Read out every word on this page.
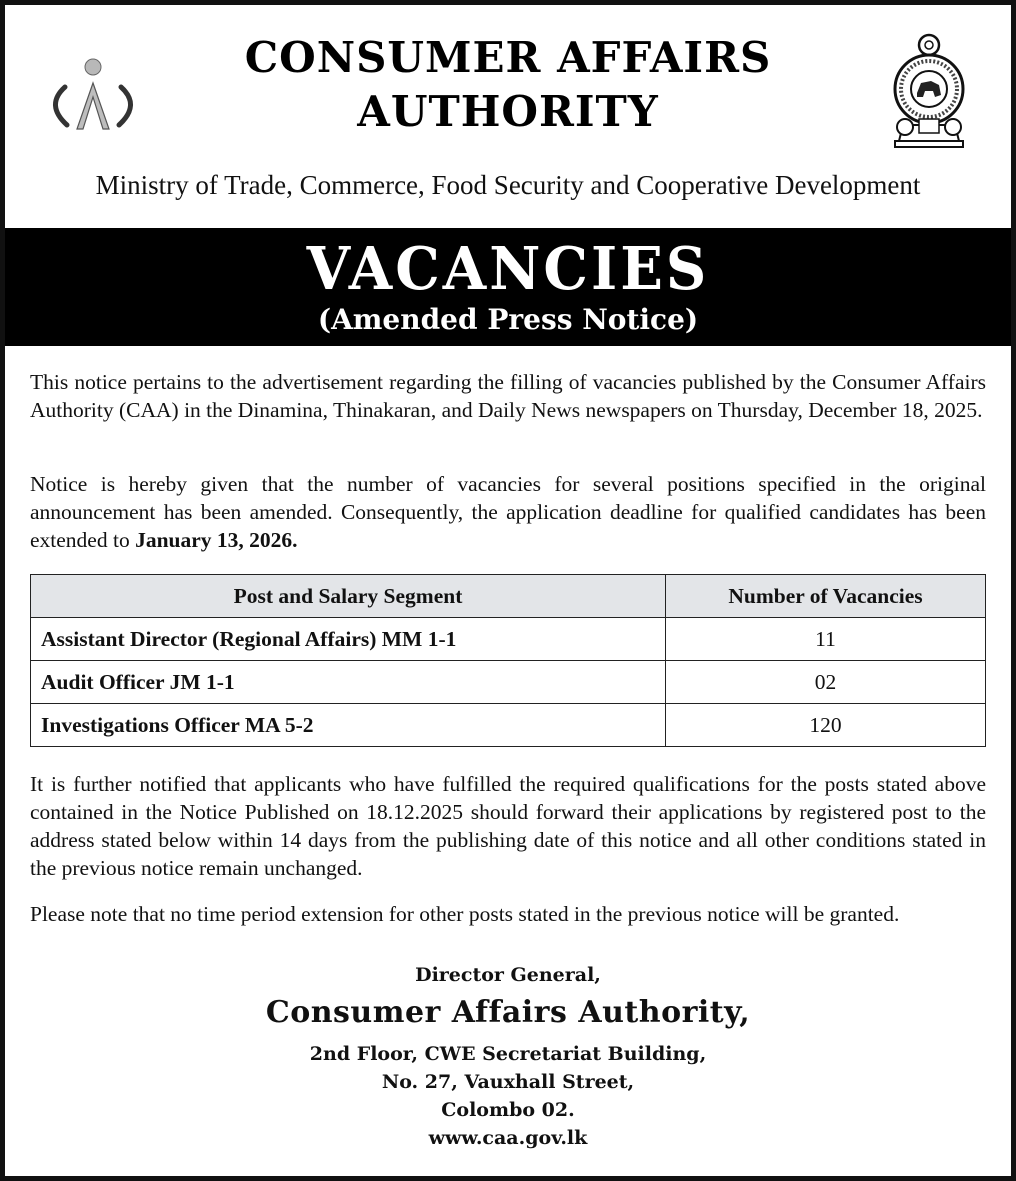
CONSUMER AFFAIRS
AUTHORITY
Ministry of Trade, Commerce, Food Security and Cooperative Development
VACANCIES
(Amended Press Notice)
This notice pertains to the advertisement regarding the filling of vacancies published by the Consumer Affairs Authority (CAA) in the Dinamina, Thinakaran, and Daily News newspapers on Thursday, December 18, 2025.
Notice is hereby given that the number of vacancies for several positions specified in the original announcement has been amended. Consequently, the application deadline for qualified candidates has been extended to January 13, 2026.
Post and Salary Segment	Number of Vacancies
Assistant Director (Regional Affairs) MM 1-1	11
Audit Officer JM 1-1	02
Investigations Officer MA 5-2	120
It is further notified that applicants who have fulfilled the required qualifications for the posts stated above contained in the Notice Published on 18.12.2025 should forward their applications by registered post to the address stated below within 14 days from the publishing date of this notice and all other conditions stated in the previous notice remain unchanged.
Please note that no time period extension for other posts stated in the previous notice will be granted.
Director General,
Consumer Affairs Authority,
2nd Floor, CWE Secretariat Building,
No. 27, Vauxhall Street,
Colombo 02.
www.caa.gov.lk
